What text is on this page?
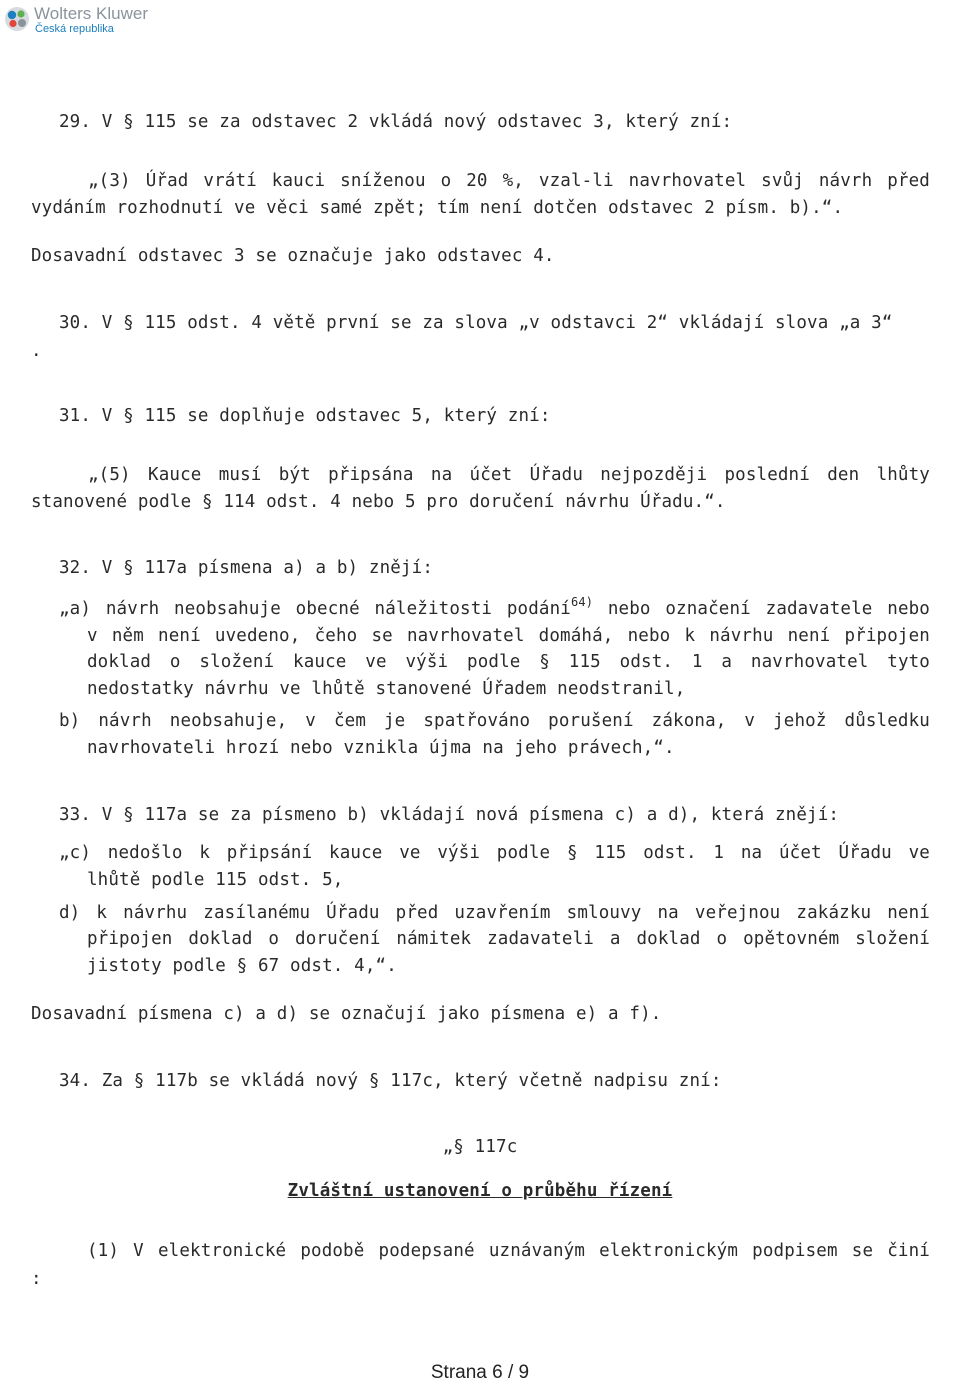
Wolters Kluwer
Česká republika
29. V § 115 se za odstavec 2 vkládá nový odstavec 3, který zní:
„(3) Úřad vrátí kauci sníženou o 20 %, vzal-li navrhovatel svůj návrh před
vydáním rozhodnutí ve věci samé zpět; tím není dotčen odstavec 2 písm. b).“.
Dosavadní odstavec 3 se označuje jako odstavec 4.
30. V § 115 odst. 4 větě první se za slova „v odstavci 2“ vkládají slova „a 3“
.
31. V § 115 se doplňuje odstavec 5, který zní:
„(5) Kauce musí být připsána na účet Úřadu nejpozději poslední den lhůty
stanovené podle § 114 odst. 4 nebo 5 pro doručení návrhu Úřadu.“.
32. V § 117a písmena a) a b) znějí:
„a) návrh neobsahuje obecné náležitosti podání$^{64)}$ nebo označení zadavatele nebo
v něm není uvedeno, čeho se navrhovatel domáhá, nebo k návrhu není připojen
doklad o složení kauce ve výši podle § 115 odst. 1 a navrhovatel tyto
nedostatky návrhu ve lhůtě stanovené Úřadem neodstranil,
b) návrh neobsahuje, v čem je spatřováno porušení zákona, v jehož důsledku
navrhovateli hrozí nebo vznikla újma na jeho právech,“.
33. V § 117a se za písmeno b) vkládají nová písmena c) a d), která znějí:
„c) nedošlo k připsání kauce ve výši podle § 115 odst. 1 na účet Úřadu ve
lhůtě podle 115 odst. 5,
d) k návrhu zasílanému Úřadu před uzavřením smlouvy na veřejnou zakázku není
připojen doklad o doručení námitek zadavateli a doklad o opětovném složení
jistoty podle § 67 odst. 4,“.
Dosavadní písmena c) a d) se označují jako písmena e) a f).
34. Za § 117b se vkládá nový § 117c, který včetně nadpisu zní:
„§ 117c
Zvláštní ustanovení o průběhu řízení
(1) V elektronické podobě podepsané uznávaným elektronickým podpisem se činí
:
Strana 6 / 9
